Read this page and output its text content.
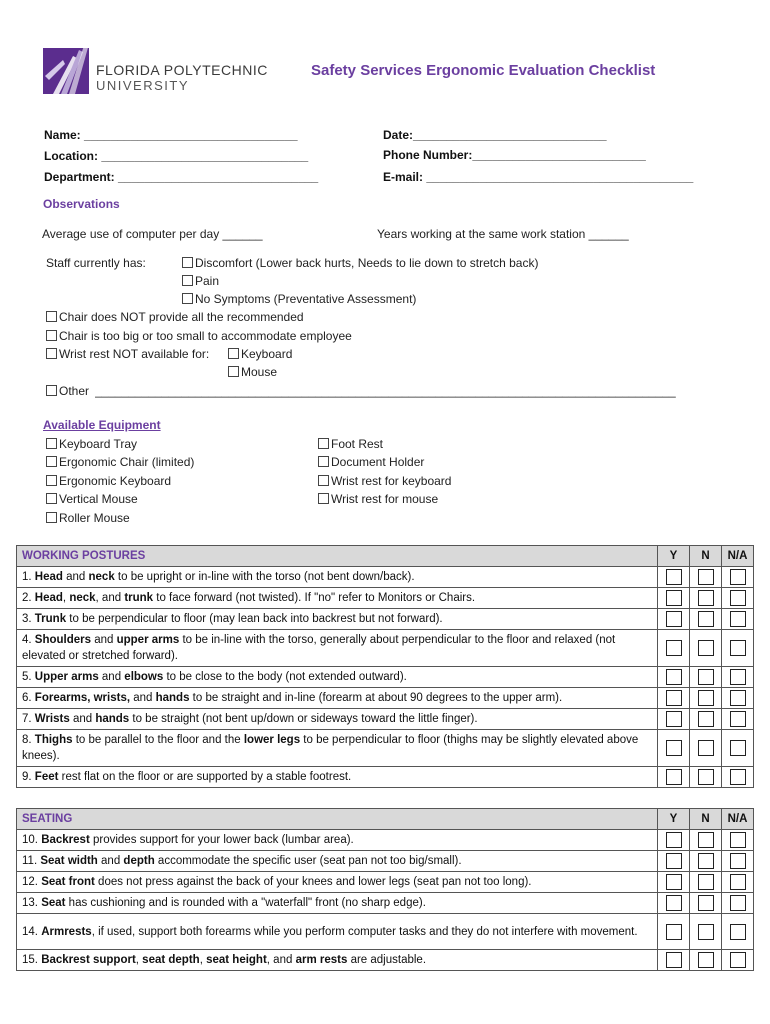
FLORIDA POLYTECHNIC
UNIVERSITY
Safety Services Ergonomic Evaluation Checklist
Name: ________________________________	Date:_____________________________
Location: _______________________________	Phone Number:__________________________
Department: ______________________________	E-mail: ________________________________________
Observations
Average use of computer per day ______	Years working at the same work station ______
Staff currently has:	Discomfort (Lower back hurts, Needs to lie down to stretch back)
Pain
No Symptoms (Preventative Assessment)
Chair does NOT provide all the recommended
Chair is too big or too small to accommodate employee
Wrist rest NOT available for:	Keyboard
Mouse
Other _______________________________________________________________________________________
Available Equipment
Keyboard Tray
Ergonomic Chair (limited)
Ergonomic Keyboard
Vertical Mouse
Roller Mouse
Foot Rest
Document Holder
Wrist rest for keyboard
Wrist rest for mouse
WORKING POSTURES	Y	N	N/A
1. Head and neck to be upright or in-line with the torso (not bent down/back).			
2. Head, neck, and trunk to face forward (not twisted). If "no" refer to Monitors or Chairs.			
3. Trunk to be perpendicular to floor (may lean back into backrest but not forward).			
4. Shoulders and upper arms to be in-line with the torso, generally about perpendicular to the floor and relaxed (not elevated or stretched forward).			
5. Upper arms and elbows to be close to the body (not extended outward).			
6. Forearms, wrists, and hands to be straight and in-line (forearm at about 90 degrees to the upper arm).			
7. Wrists and hands to be straight (not bent up/down or sideways toward the little finger).			
8. Thighs to be parallel to the floor and the lower legs to be perpendicular to floor (thighs may be slightly elevated above knees).			
9. Feet rest flat on the floor or are supported by a stable footrest.			
SEATING	Y	N	N/A
10. Backrest provides support for your lower back (lumbar area).			
11. Seat width and depth accommodate the specific user (seat pan not too big/small).			
12. Seat front does not press against the back of your knees and lower legs (seat pan not too long).			
13. Seat has cushioning and is rounded with a "waterfall" front (no sharp edge).			
14. Armrests, if used, support both forearms while you perform computer tasks and they do not interfere with movement.			
15. Backrest support, seat depth, seat height, and arm rests are adjustable.			
